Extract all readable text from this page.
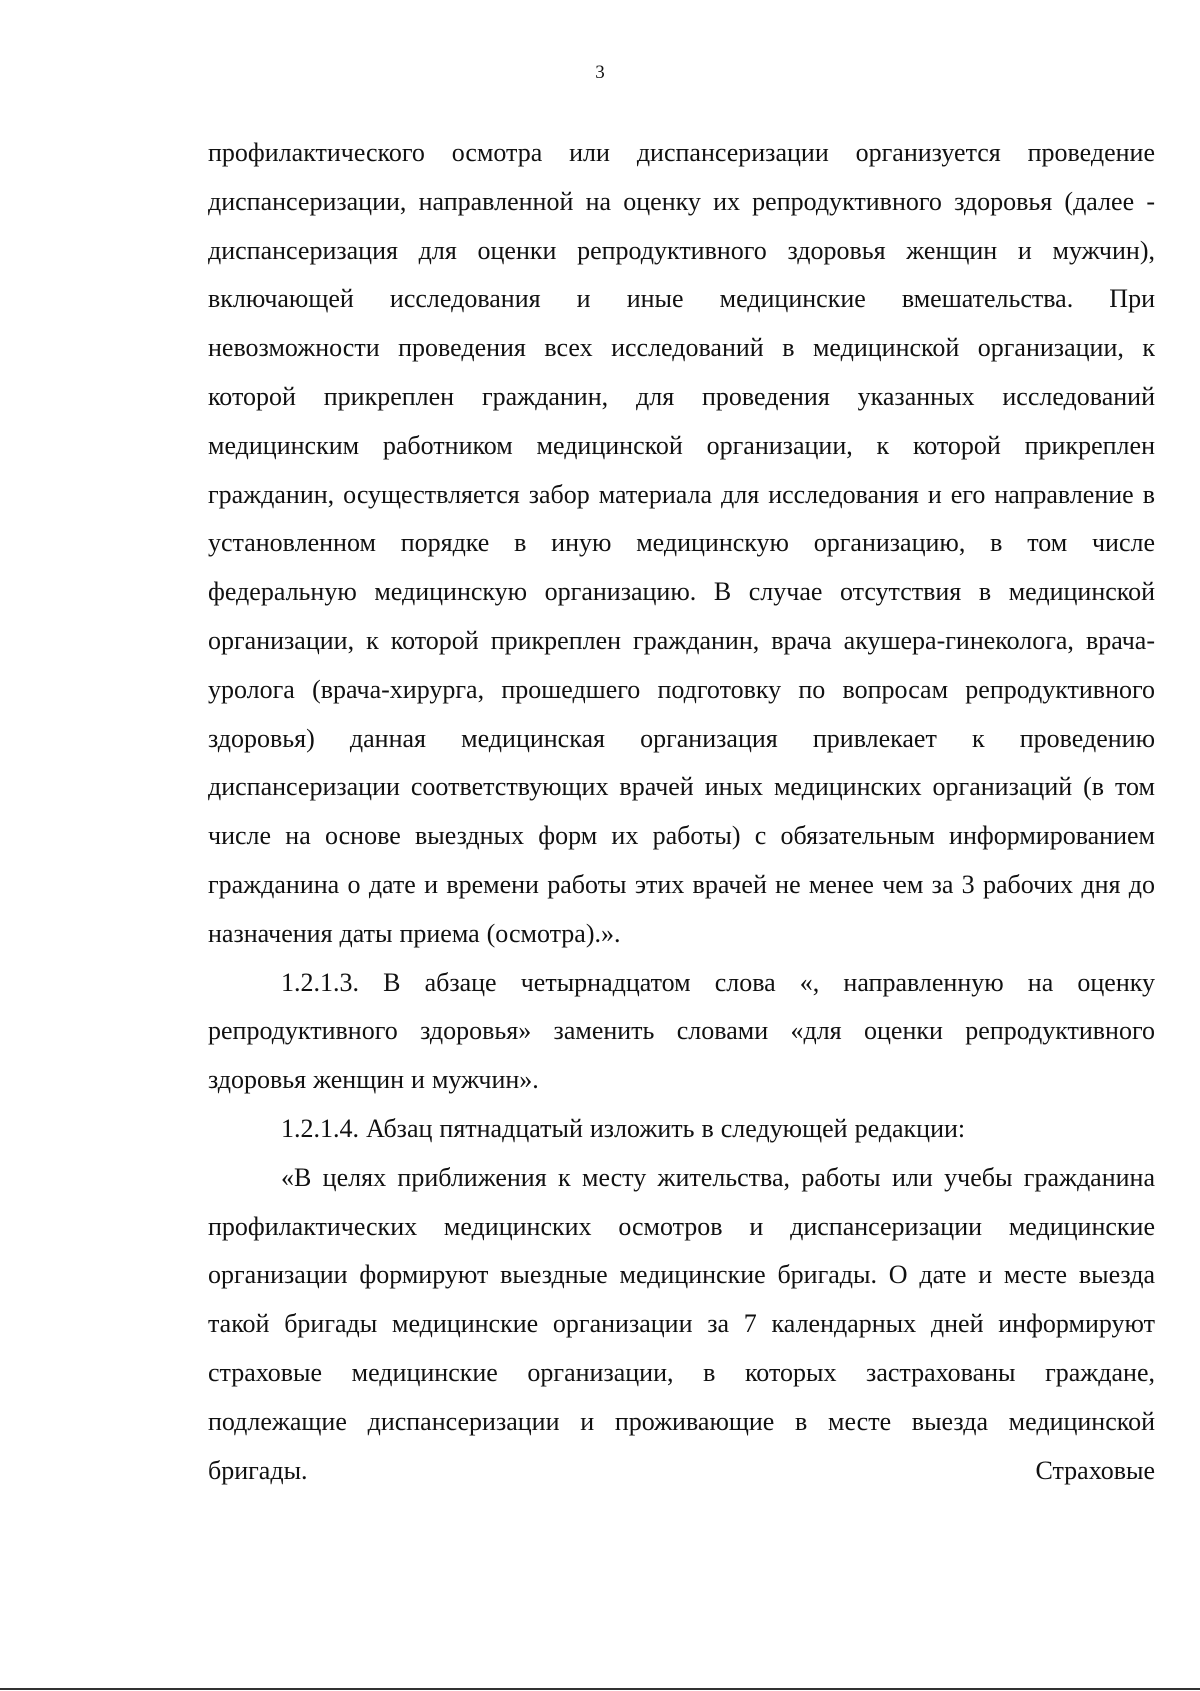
3

профилактического осмотра или диспансеризации организуется проведение диспансеризации, направленной на оценку их репродуктивного здоровья (далее - диспансеризация для оценки репродуктивного здоровья женщин и мужчин), включающей исследования и иные медицинские вмешательства. При невозможности проведения всех исследований в медицинской организации, к которой прикреплен гражданин, для проведения указанных исследований медицинским работником медицинской организации, к которой прикреплен гражданин, осуществляется забор материала для исследования и его направление в установленном порядке в иную медицинскую организацию, в том числе федеральную медицинскую организацию. В случае отсутствия в медицинской организации, к которой прикреплен гражданин, врача акушера-гинеколога, врача-уролога (врача-хирурга, прошедшего подготовку по вопросам репродуктивного здоровья) данная медицинская организация привлекает к проведению диспансеризации соответствующих врачей иных медицинских организаций (в том числе на основе выездных форм их работы) с обязательным информированием гражданина о дате и времени работы этих врачей не менее чем за 3 рабочих дня до назначения даты приема (осмотра).».

1.2.1.3. В абзаце четырнадцатом слова «, направленную на оценку репродуктивного здоровья» заменить словами «для оценки репродуктивного здоровья женщин и мужчин».

1.2.1.4. Абзац пятнадцатый изложить в следующей редакции:

«В целях приближения к месту жительства, работы или учебы гражданина профилактических медицинских осмотров и диспансеризации медицинские организации формируют выездные медицинские бригады. О дате и месте выезда такой бригады медицинские организации за 7 календарных дней информируют страховые медицинские организации, в которых застрахованы граждане, подлежащие диспансеризации и проживающие в месте выезда медицинской бригады. Страховые
